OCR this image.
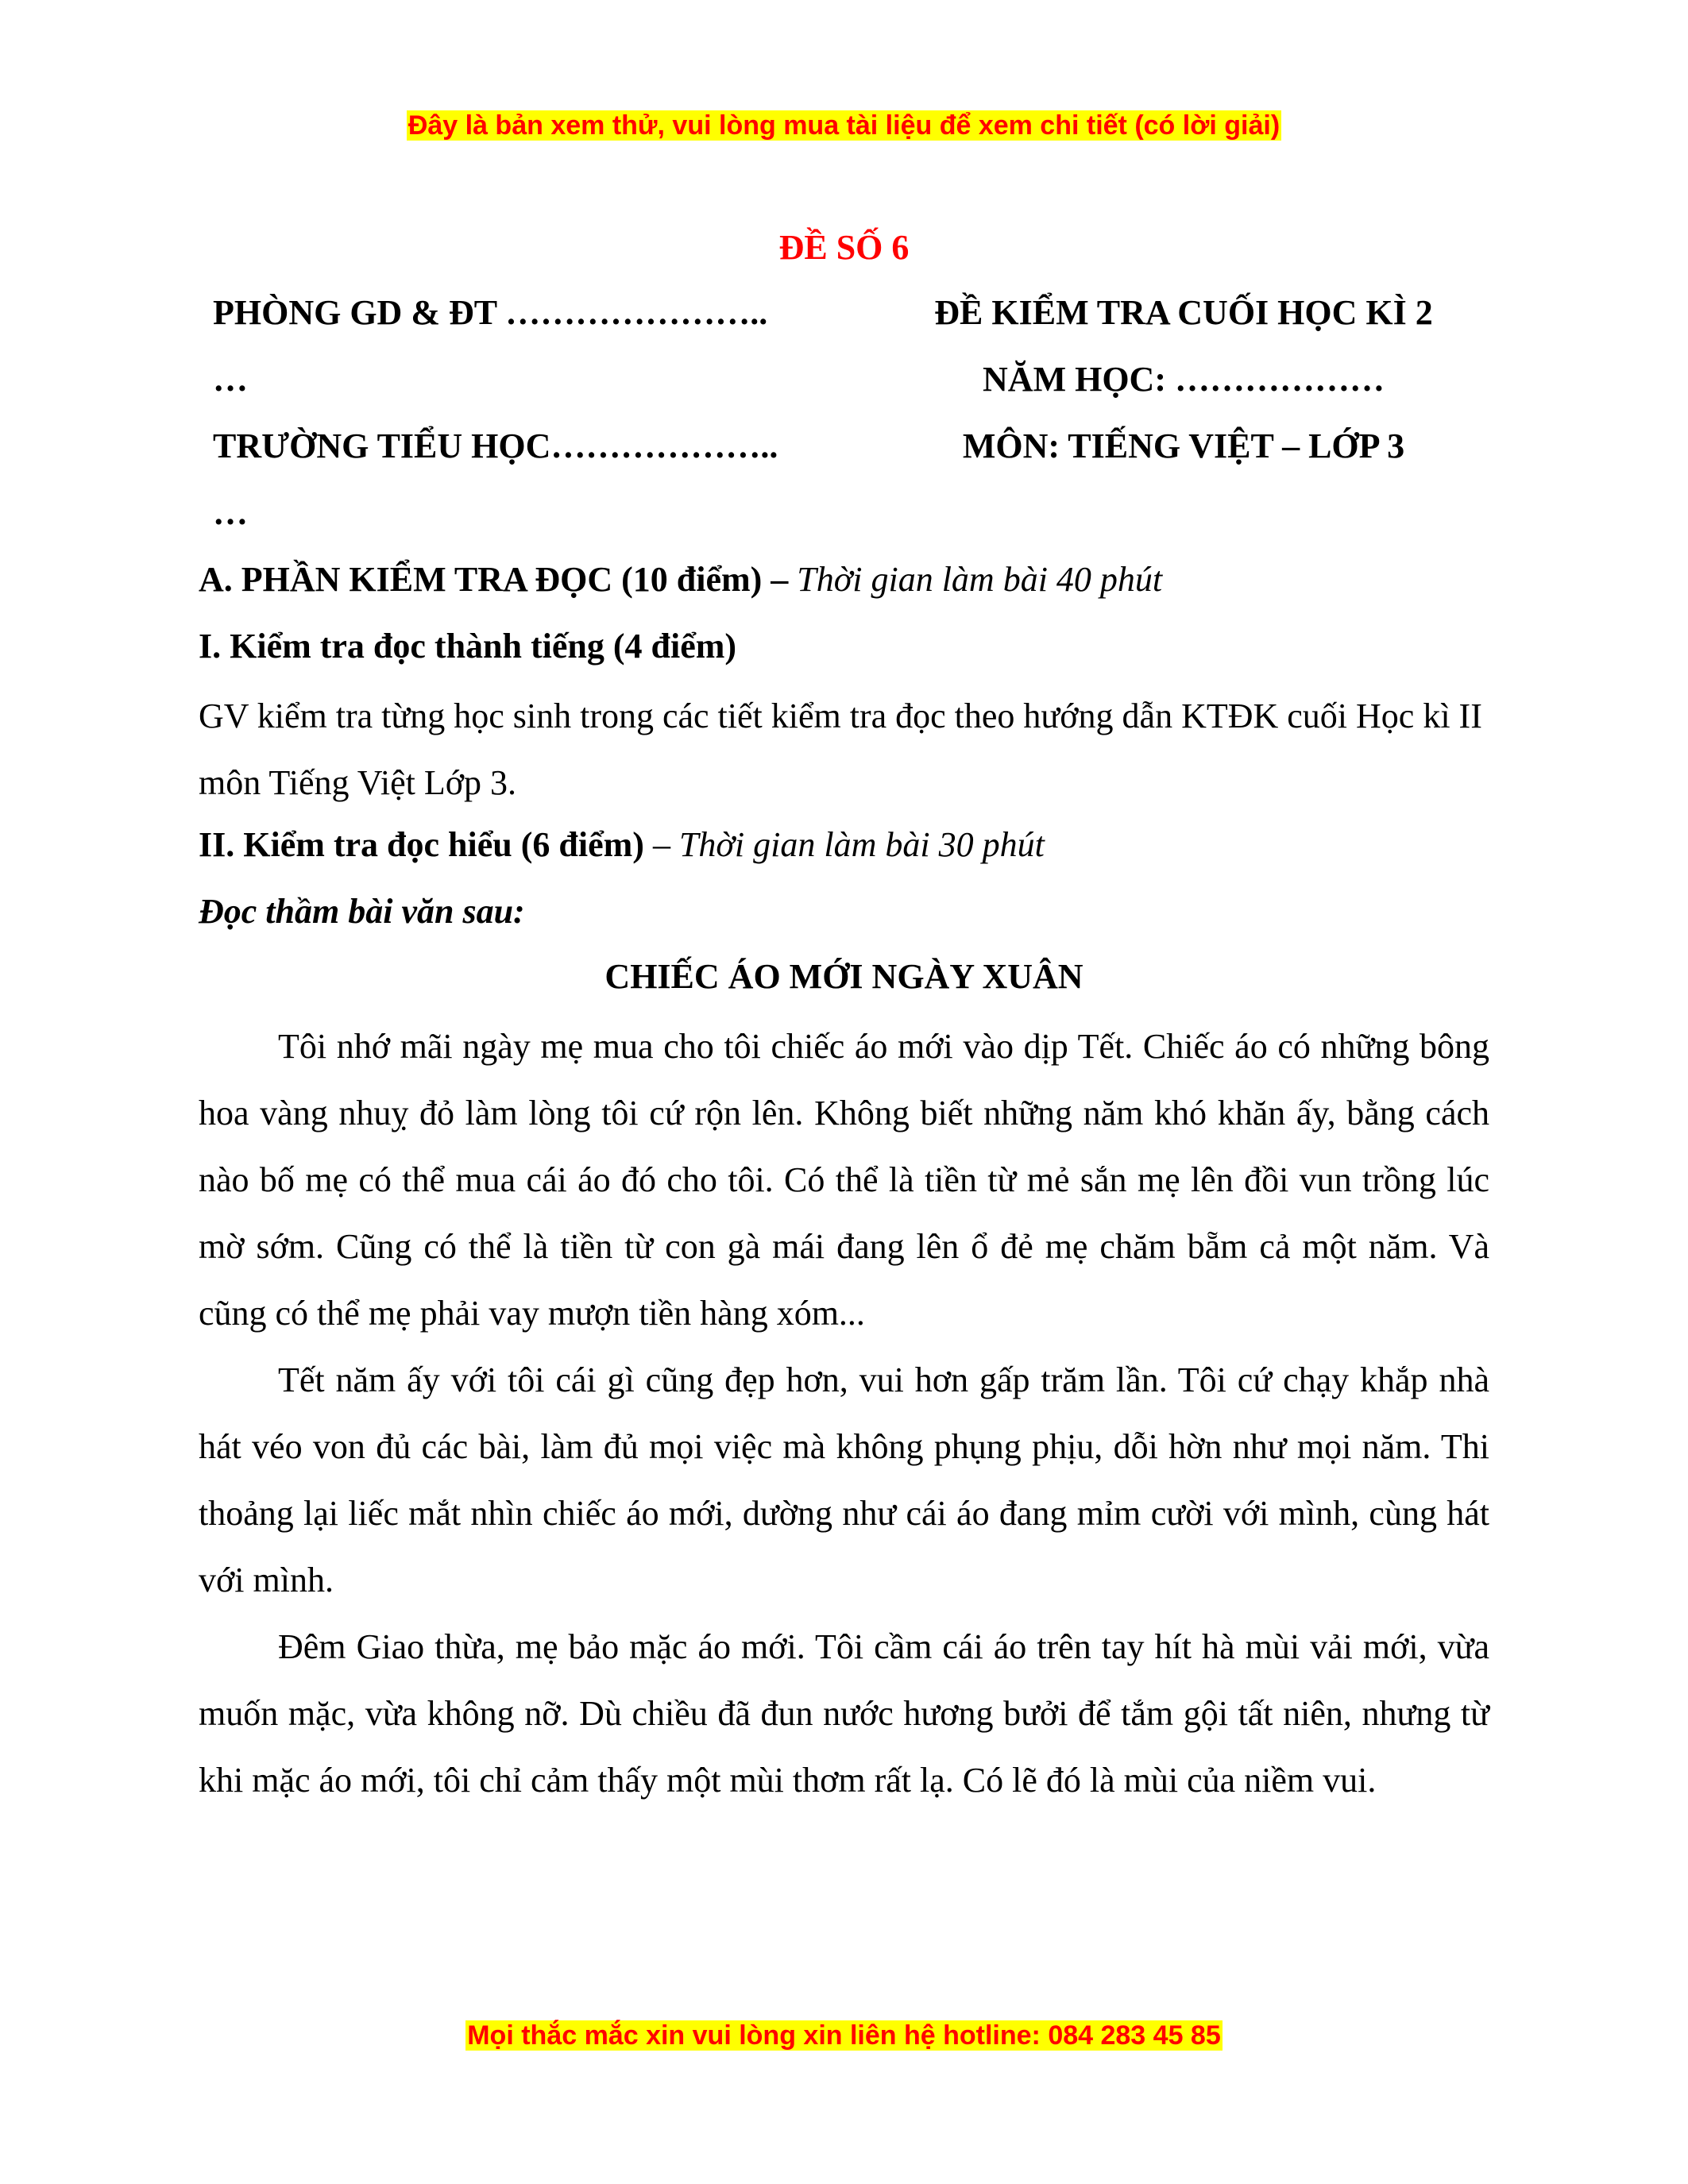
Đây là bản xem thử, vui lòng mua tài liệu để xem chi tiết (có lời giải)
ĐỀ SỐ 6
PHÒNG GD & ĐT …………………..
…
TRƯỜNG TIỂU HỌC………………..
…
ĐỀ KIỂM TRA CUỐI HỌC KÌ 2
NĂM HỌC: ………………
MÔN: TIẾNG VIỆT – LỚP 3
A. PHẦN KIỂM TRA ĐỌC (10 điểm) – Thời gian làm bài 40 phút
I. Kiểm tra đọc thành tiếng (4 điểm)
GV kiểm tra từng học sinh trong các tiết kiểm tra đọc theo hướng dẫn KTĐK cuối Học kì II môn Tiếng Việt Lớp 3.
II. Kiểm tra đọc hiểu (6 điểm) – Thời gian làm bài 30 phút
Đọc thầm bài văn sau:
CHIẾC ÁO MỚI NGÀY XUÂN

Tôi nhớ mãi ngày mẹ mua cho tôi chiếc áo mới vào dịp Tết. Chiếc áo có những bông hoa vàng nhuỵ đỏ làm lòng tôi cứ rộn lên. Không biết những năm khó khăn ấy, bằng cách nào bố mẹ có thể mua cái áo đó cho tôi. Có thể là tiền từ mẻ sắn mẹ lên đồi vun trồng lúc mờ sớm. Cũng có thể là tiền từ con gà mái đang lên ổ đẻ mẹ chăm bẵm cả một năm. Và cũng có thể mẹ phải vay mượn tiền hàng xóm...

Tết năm ấy với tôi cái gì cũng đẹp hơn, vui hơn gấp trăm lần. Tôi cứ chạy khắp nhà hát véo von đủ các bài, làm đủ mọi việc mà không phụng phịu, dỗi hờn như mọi năm. Thi thoảng lại liếc mắt nhìn chiếc áo mới, dường như cái áo đang mỉm cười với mình, cùng hát với mình.

Đêm Giao thừa, mẹ bảo mặc áo mới. Tôi cầm cái áo trên tay hít hà mùi vải mới, vừa muốn mặc, vừa không nỡ. Dù chiều đã đun nước hương bưởi để tắm gội tất niên, nhưng từ khi mặc áo mới, tôi chỉ cảm thấy một mùi thơm rất lạ. Có lẽ đó là mùi của niềm vui.

Mọi thắc mắc xin vui lòng xin liên hệ hotline: 084 283 45 85
